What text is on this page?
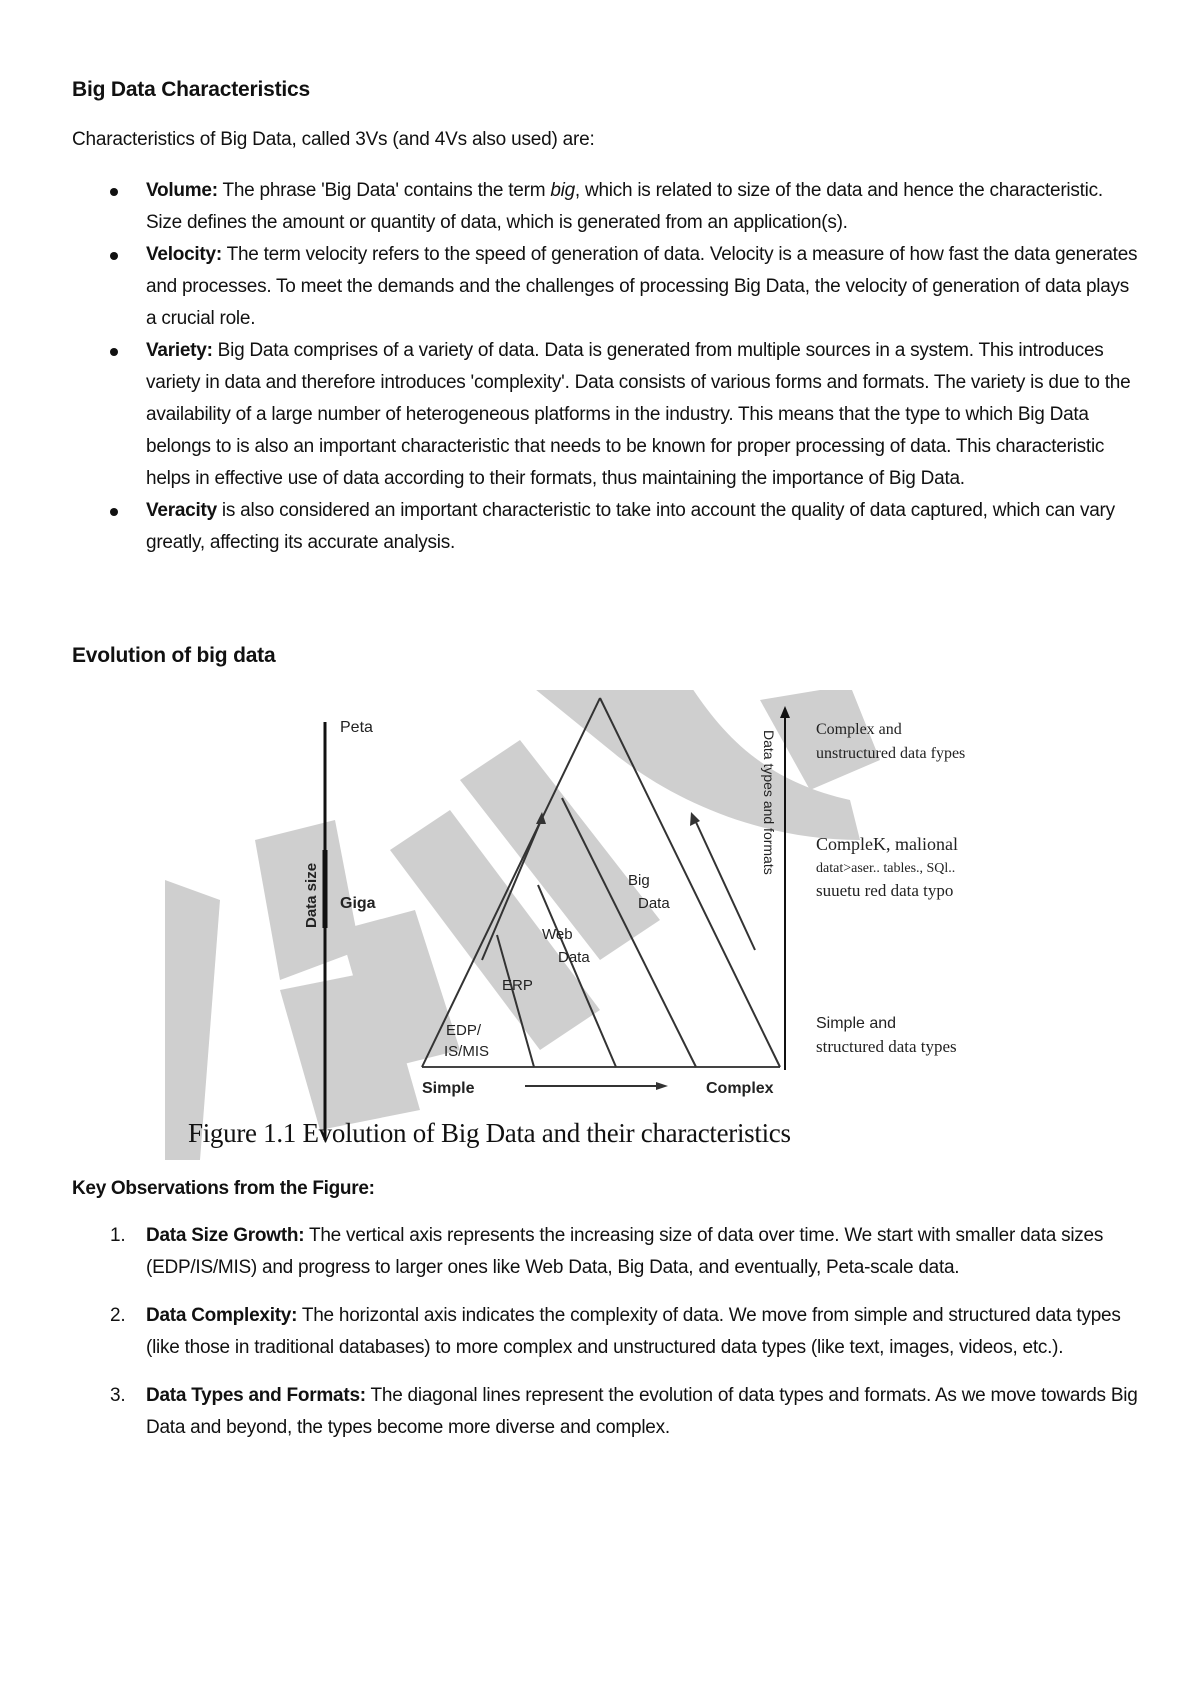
Big Data Characteristics
Characteristics of Big Data, called 3Vs (and 4Vs also used) are:
Volume: The phrase 'Big Data' contains the term big, which is related to size of the data and hence the characteristic. Size defines the amount or quantity of data, which is generated from an application(s).
Velocity: The term velocity refers to the speed of generation of data. Velocity is a measure of how fast the data generates and processes. To meet the demands and the challenges of processing Big Data, the velocity of generation of data plays a crucial role.
Variety: Big Data comprises of a variety of data. Data is generated from multiple sources in a system. This introduces variety in data and therefore introduces 'complexity'. Data consists of various forms and formats. The variety is due to the availability of a large number of heterogeneous platforms in the industry. This means that the type to which Big Data belongs to is also an important characteristic that needs to be known for proper processing of data. This characteristic helps in effective use of data according to their formats, thus maintaining the importance of Big Data.
Veracity is also considered an important characteristic to take into account the quality of data captured, which can vary greatly, affecting its accurate analysis.
Evolution of big data
Peta
Giga
Data size
EDP/
IS/MIS
ERP
Web
Data
Big
Data
Simple	Complex
Data types and formats
Complex and
unstructured data fypes
CompleK, malional
datat>aser.. tables., SQl..
suuetu red data typo
Simple and
structured data types
Figure 1.1 Evolution of Big Data and their characteristics
Key Observations from the Figure:
1. Data Size Growth: The vertical axis represents the increasing size of data over time. We start with smaller data sizes (EDP/IS/MIS) and progress to larger ones like Web Data, Big Data, and eventually, Peta-scale data.
2. Data Complexity: The horizontal axis indicates the complexity of data. We move from simple and structured data types (like those in traditional databases) to more complex and unstructured data types (like text, images, videos, etc.).
3. Data Types and Formats: The diagonal lines represent the evolution of data types and formats. As we move towards Big Data and beyond, the types become more diverse and complex.
